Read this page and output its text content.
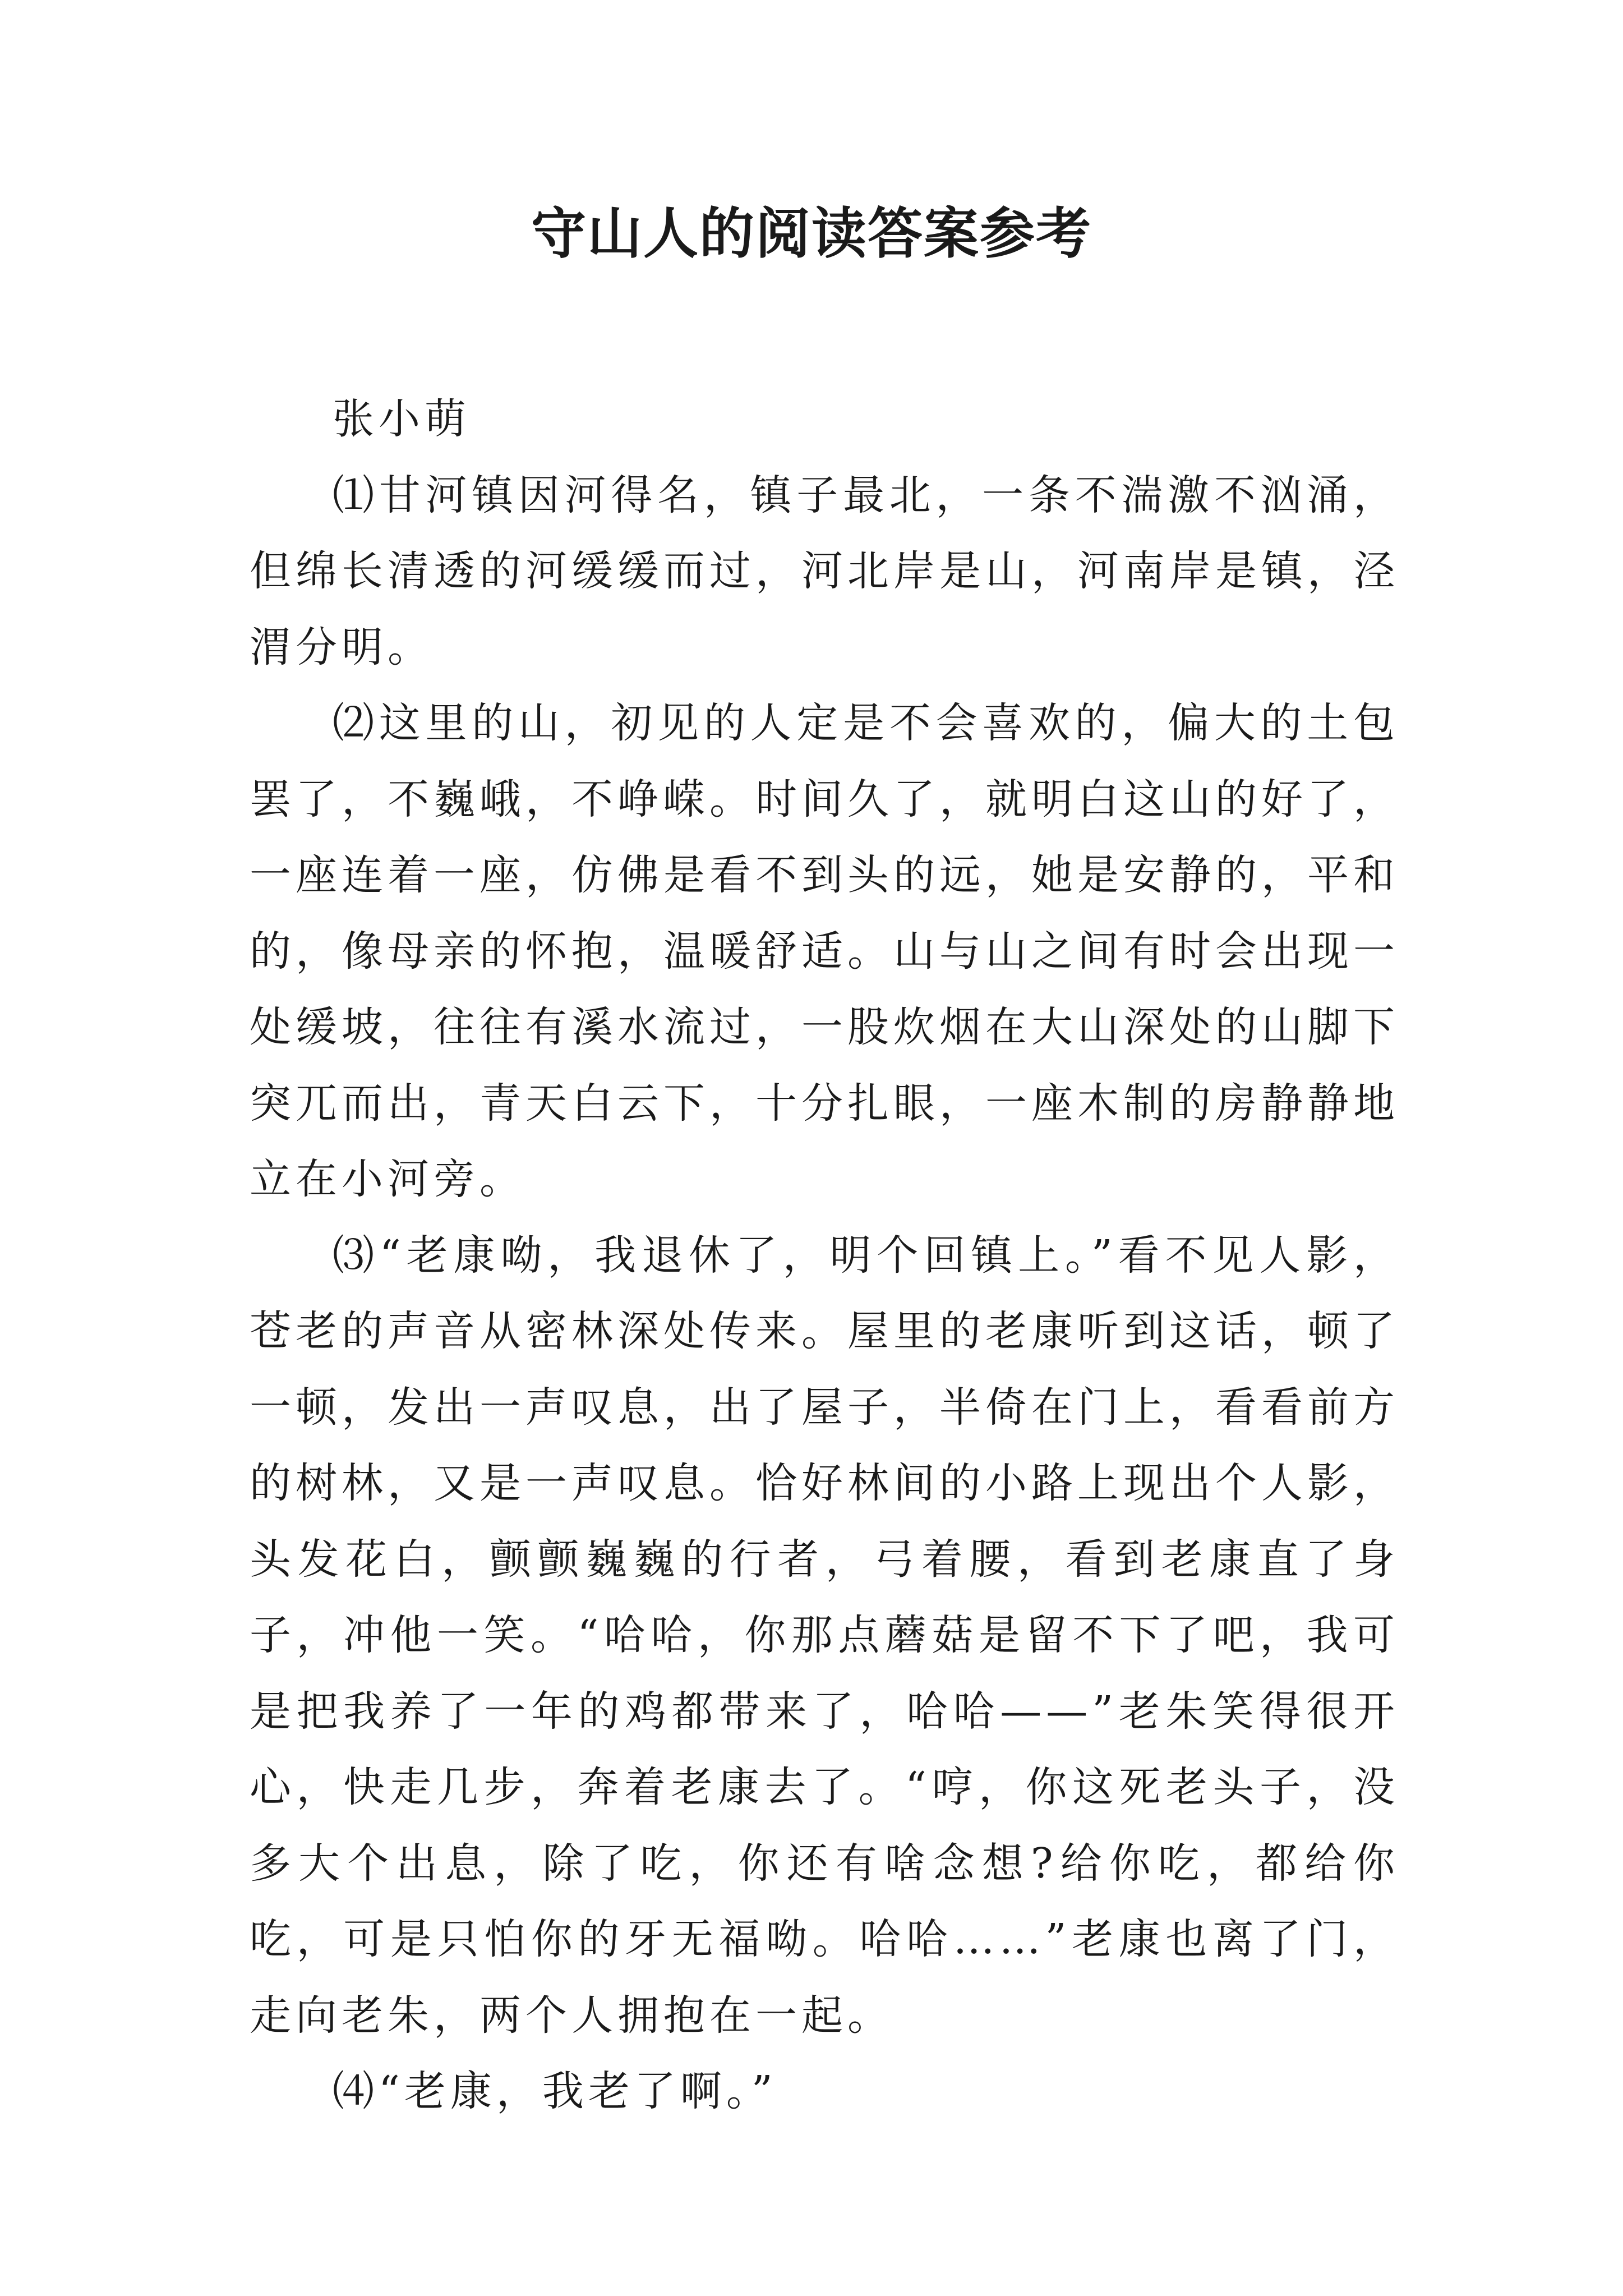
守山人的阅读答案参考

张小萌

⑴甘河镇因河得名，镇子最北，一条不湍激不汹涌，但绵长清透的河缓缓而过，河北岸是山，河南岸是镇，泾渭分明。

⑵这里的山，初见的人定是不会喜欢的，偏大的土包罢了，不巍峨，不峥嵘。时间久了，就明白这山的好了，一座连着一座，仿佛是看不到头的远，她是安静的，平和的，像母亲的怀抱，温暖舒适。山与山之间有时会出现一处缓坡，往往有溪水流过，一股炊烟在大山深处的山脚下突兀而出，青天白云下，十分扎眼，一座木制的房静静地立在小河旁。

⑶“老康呦，我退休了，明个回镇上。”看不见人影，苍老的声音从密林深处传来。屋里的老康听到这话，顿了一顿，发出一声叹息，出了屋子，半倚在门上，看看前方的树林，又是一声叹息。恰好林间的小路上现出个人影，头发花白，颤颤巍巍的行者，弓着腰，看到老康直了身子，冲他一笑。“哈哈，你那点蘑菇是留不下了吧，我可是把我养了一年的鸡都带来了，哈哈——”老朱笑得很开心，快走几步，奔着老康去了。“哼，你这死老头子，没多大个出息，除了吃，你还有啥念想?给你吃，都给你吃，可是只怕你的牙无福呦。哈哈……”老康也离了门，走向老朱，两个人拥抱在一起。

⑷“老康，我老了啊。”
